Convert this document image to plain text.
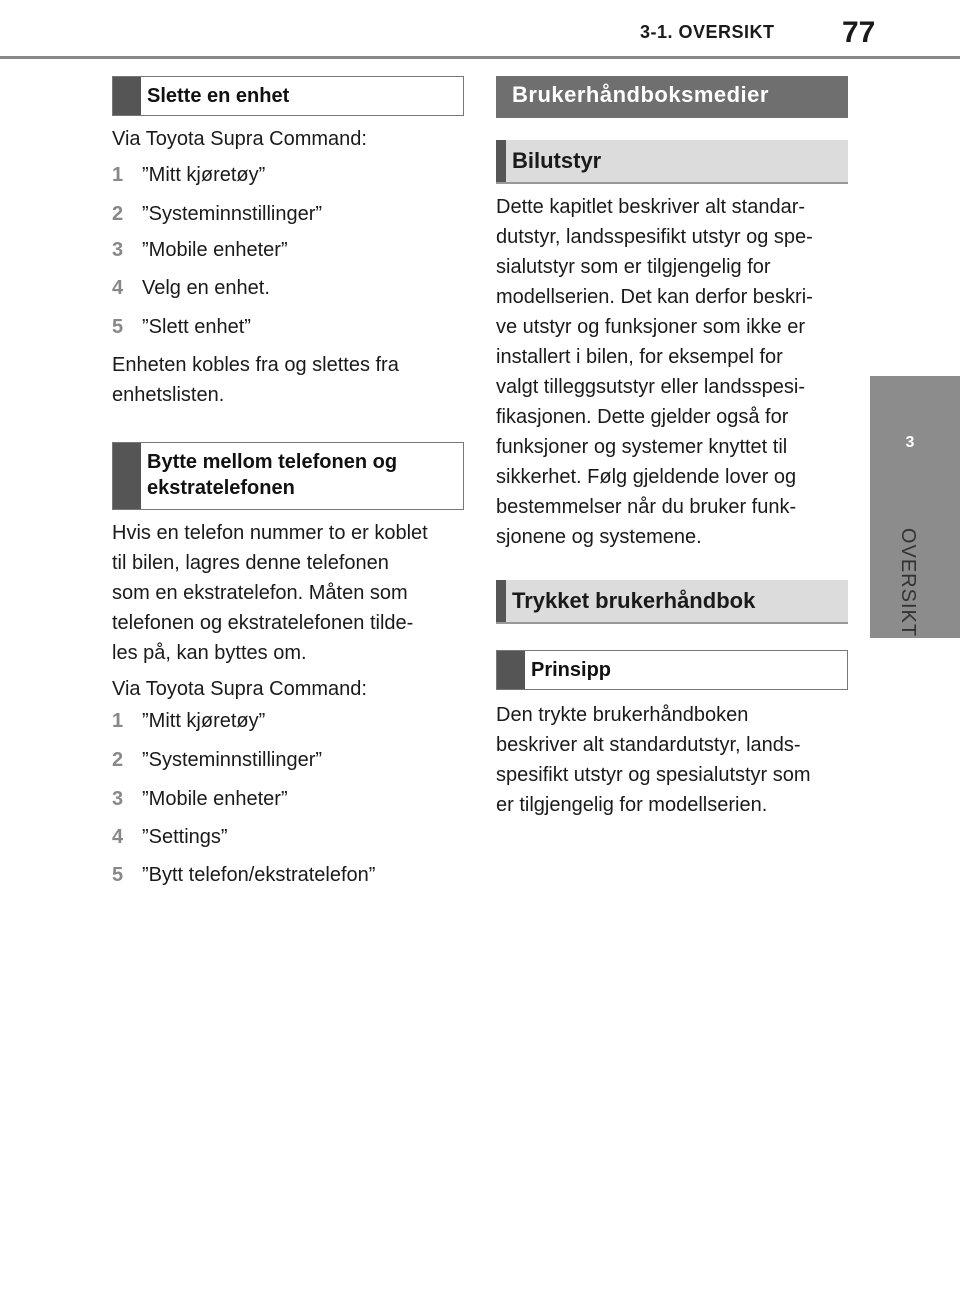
3-1. OVERSIKT 77
3
OVERSIKT
Slette en enhet
Via Toyota Supra Command:
1 ”Mitt kjøretøy”
2 ”Systeminnstillinger”
3 ”Mobile enheter”
4 Velg en enhet.
5 ”Slett enhet”
Enheten kobles fra og slettes fra
enhetslisten.
Bytte mellom telefonen og
ekstratelefonen
Hvis en telefon nummer to er koblet
til bilen, lagres denne telefonen
som en ekstratelefon. Måten som
telefonen og ekstratelefonen tilde-
les på, kan byttes om.
Via Toyota Supra Command:
1 ”Mitt kjøretøy”
2 ”Systeminnstillinger”
3 ”Mobile enheter”
4 ”Settings”
5 ”Bytt telefon/ekstratelefon”
Brukerhåndboksmedier
Bilutstyr
Dette kapitlet beskriver alt standar-
dutstyr, landsspesifikt utstyr og spe-
sialutstyr som er tilgjengelig for
modellserien. Det kan derfor beskri-
ve utstyr og funksjoner som ikke er
installert i bilen, for eksempel for
valgt tilleggsutstyr eller landsspesi-
fikasjonen. Dette gjelder også for
funksjoner og systemer knyttet til
sikkerhet. Følg gjeldende lover og
bestemmelser når du bruker funk-
sjonene og systemene.
Trykket brukerhåndbok
Prinsipp
Den trykte brukerhåndboken
beskriver alt standardutstyr, lands-
spesifikt utstyr og spesialutstyr som
er tilgjengelig for modellserien.
